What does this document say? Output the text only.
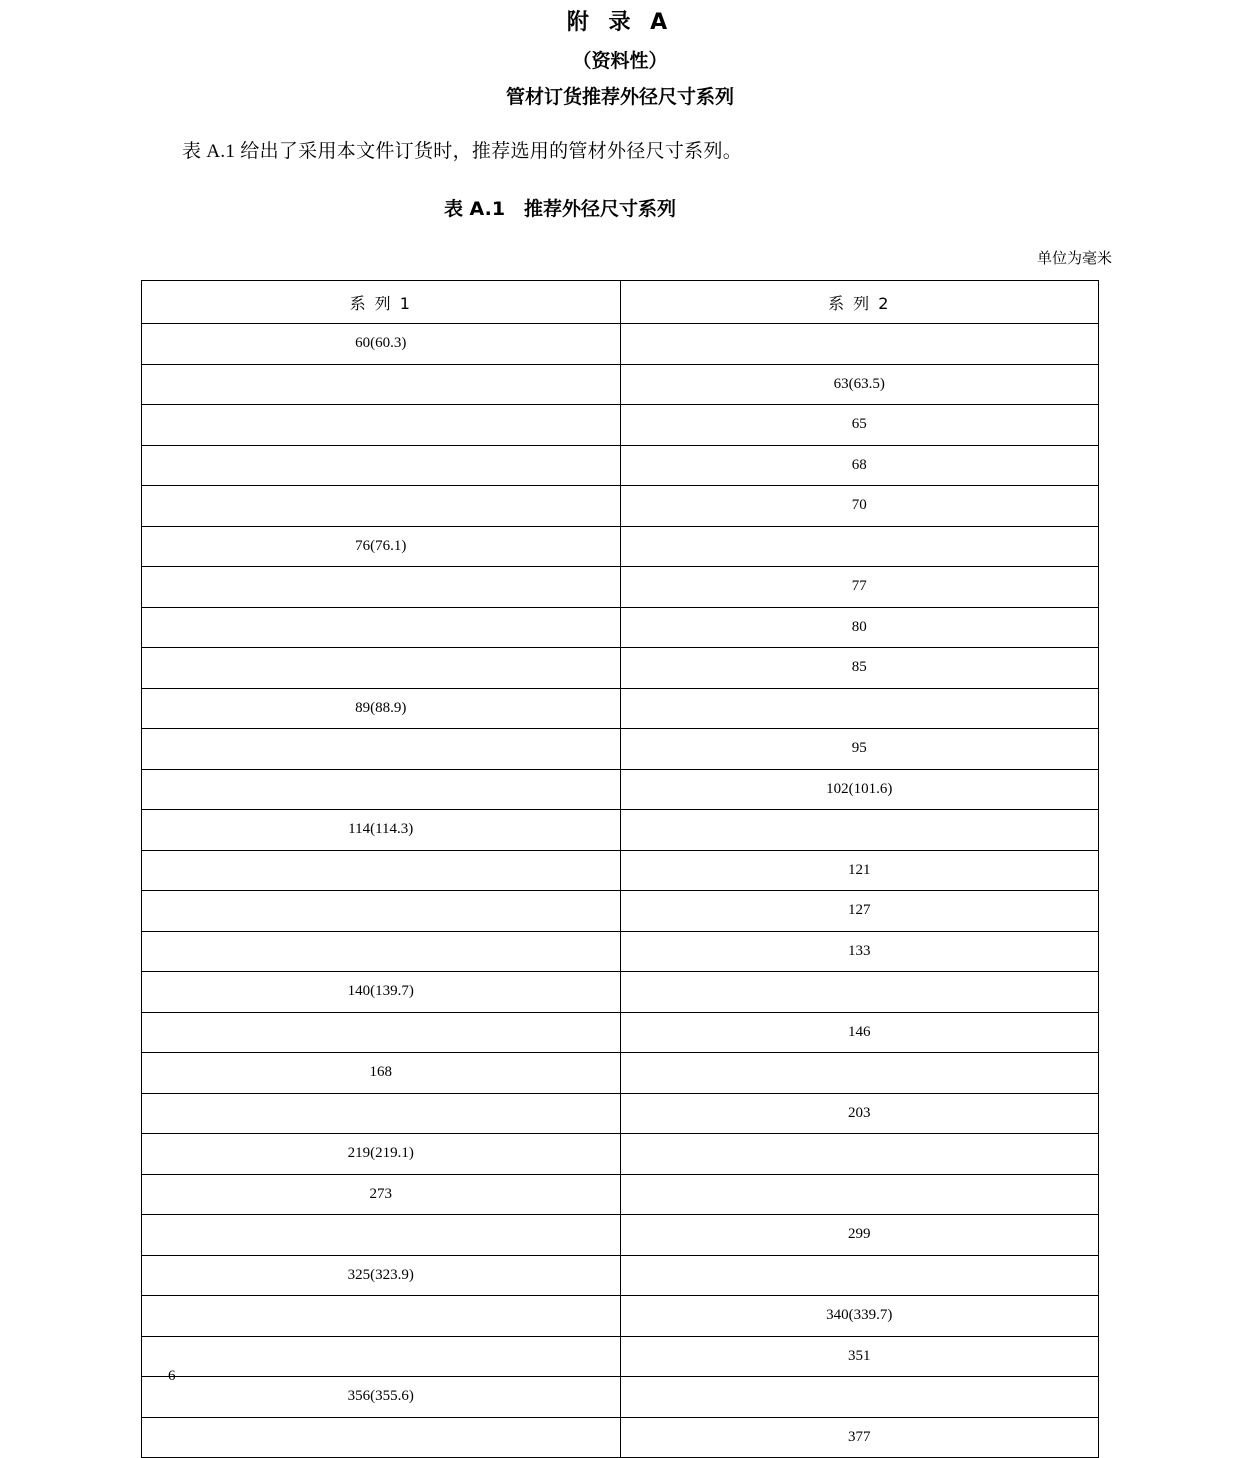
附 录 A
（资料性）
管材订货推荐外径尺寸系列

表 A.1 给出了采用本文件订货时，推荐选用的管材外径尺寸系列。

表 A.1　推荐外径尺寸系列
单位为毫米
系 列 1	系 列 2
60(60.3)	
	63(63.5)
	65
	68
	70
76(76.1)	
	77
	80
	85
89(88.9)	
	95
	102(101.6)
114(114.3)	
	121
	127
	133
140(139.7)	
	146
168	
	203
219(219.1)	
273	
	299
325(323.9)	
	340(339.7)
	351
356(355.6)	
	377
6
